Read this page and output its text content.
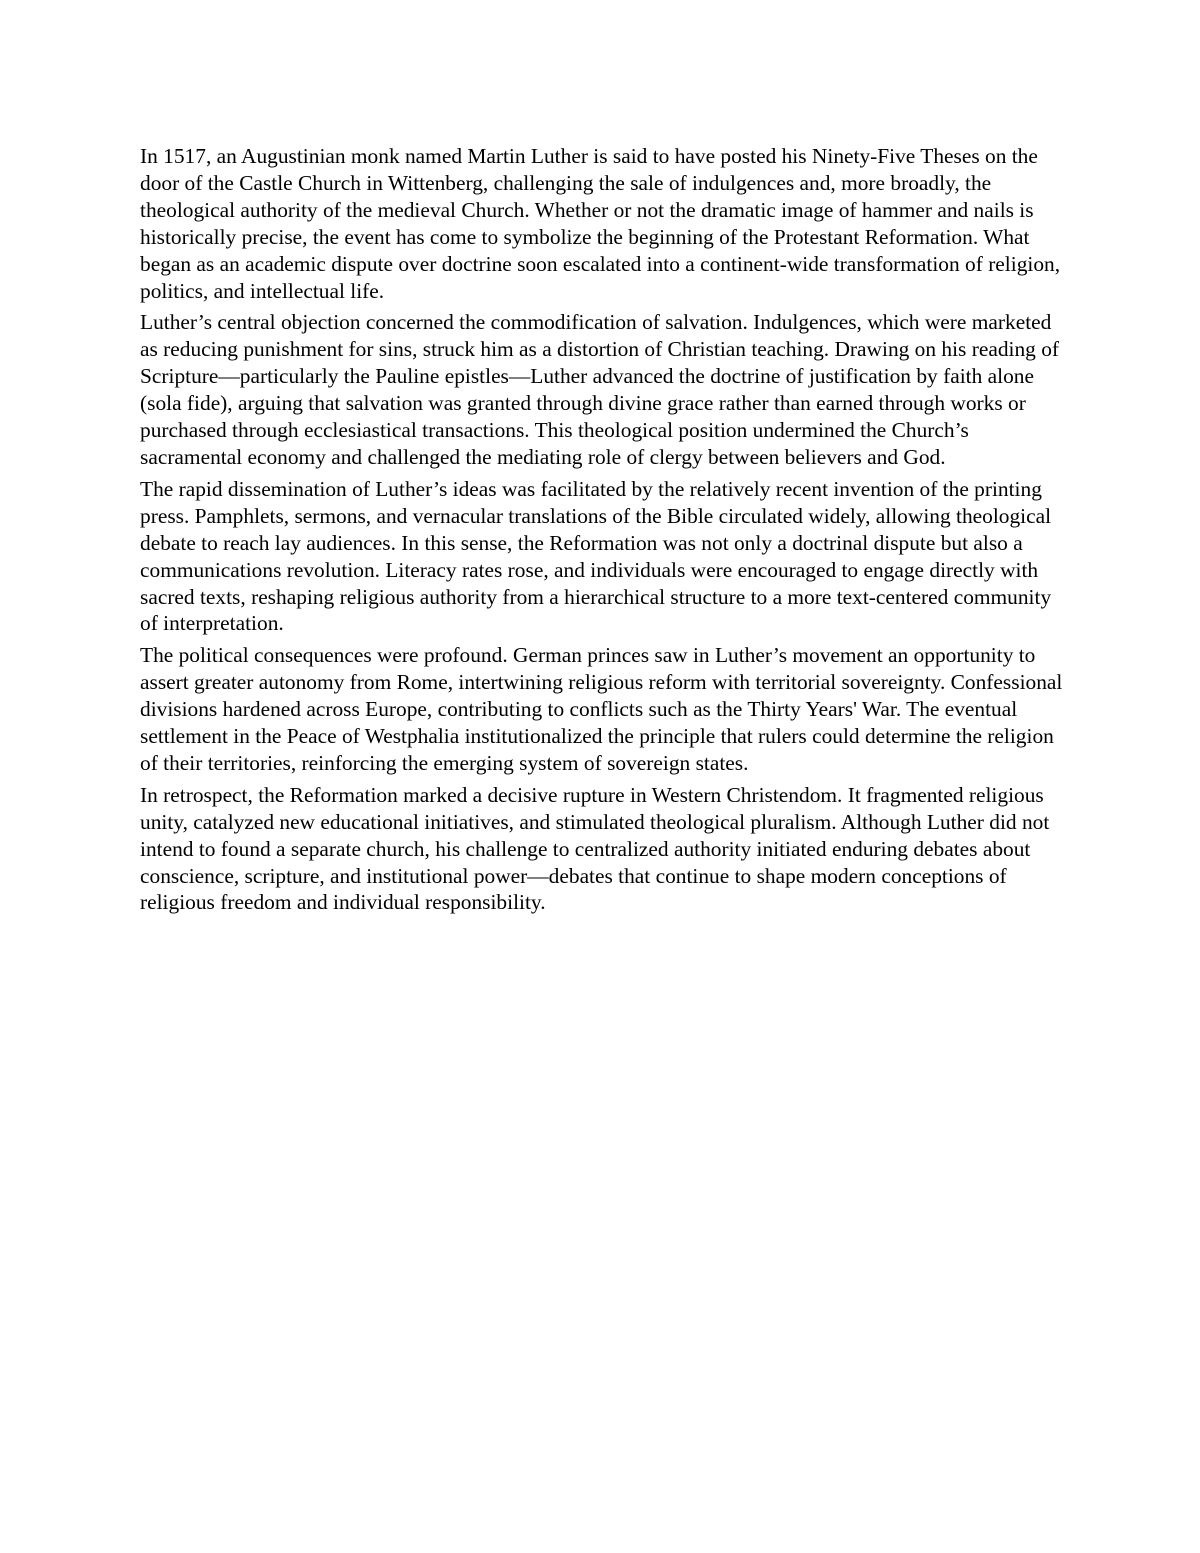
In 1517, an Augustinian monk named Martin Luther is said to have posted his Ninety-Five Theses on the door of the Castle Church in Wittenberg, challenging the sale of indulgences and, more broadly, the theological authority of the medieval Church. Whether or not the dramatic image of hammer and nails is historically precise, the event has come to symbolize the beginning of the Protestant Reformation. What began as an academic dispute over doctrine soon escalated into a continent-wide transformation of religion, politics, and intellectual life.

Luther’s central objection concerned the commodification of salvation. Indulgences, which were marketed as reducing punishment for sins, struck him as a distortion of Christian teaching. Drawing on his reading of Scripture—particularly the Pauline epistles—Luther advanced the doctrine of justification by faith alone (sola fide), arguing that salvation was granted through divine grace rather than earned through works or purchased through ecclesiastical transactions. This theological position undermined the Church’s sacramental economy and challenged the mediating role of clergy between believers and God.

The rapid dissemination of Luther’s ideas was facilitated by the relatively recent invention of the printing press. Pamphlets, sermons, and vernacular translations of the Bible circulated widely, allowing theological debate to reach lay audiences. In this sense, the Reformation was not only a doctrinal dispute but also a communications revolution. Literacy rates rose, and individuals were encouraged to engage directly with sacred texts, reshaping religious authority from a hierarchical structure to a more text-centered community of interpretation.

The political consequences were profound. German princes saw in Luther’s movement an opportunity to assert greater autonomy from Rome, intertwining religious reform with territorial sovereignty. Confessional divisions hardened across Europe, contributing to conflicts such as the Thirty Years' War. The eventual settlement in the Peace of Westphalia institutionalized the principle that rulers could determine the religion of their territories, reinforcing the emerging system of sovereign states.

In retrospect, the Reformation marked a decisive rupture in Western Christendom. It fragmented religious unity, catalyzed new educational initiatives, and stimulated theological pluralism. Although Luther did not intend to found a separate church, his challenge to centralized authority initiated enduring debates about conscience, scripture, and institutional power—debates that continue to shape modern conceptions of religious freedom and individual responsibility.
